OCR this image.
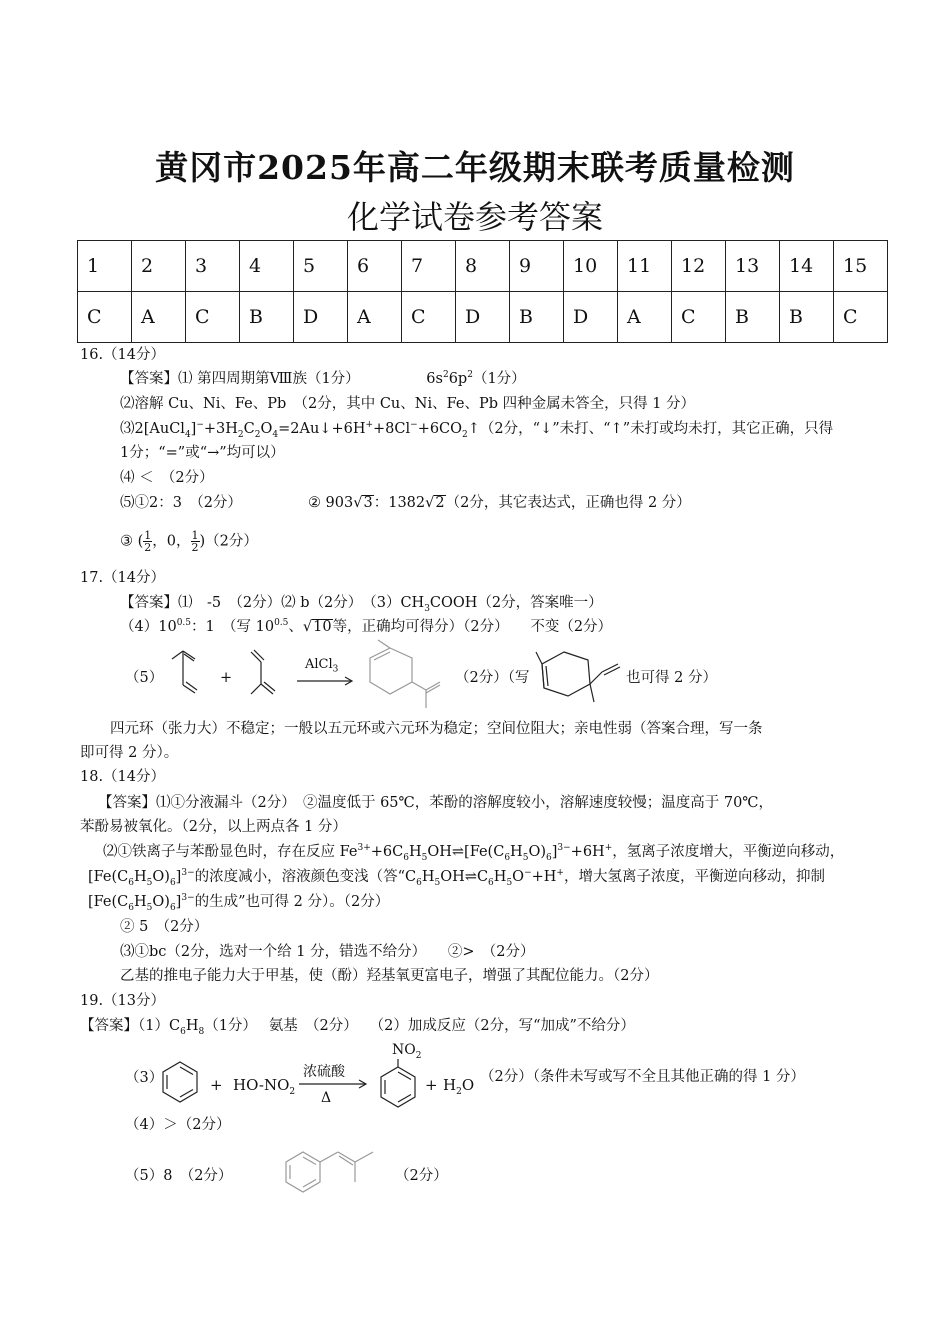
黄冈市2025年高二年级期末联考质量检测
化学试卷参考答案
1	2	3	4	5	6	7	8	9	10	11	12	13	14	15
C	A	C	B	D	A	C	D	B	D	A	C	B	B	C
16.（14分）
【答案】⑴ 第四周期第Ⅷ族（1分）	$6s^26p^2(1$分）
⑵溶解 Cu、Ni、Fe、Pb　（2分，其中 Cu、Ni、Fe、Pb 四种金属未答全，只得 1 分）
$⑶2[AuCl_4]^-+3H_2C_2O_4=2Au↓+6H^++8Cl^-+6CO_2↑(2$分，“↓”未打、“↑”未打或均未打，其它正确，只得
1分；“=”或“→”均可以）
⑷ ＜　（2分）
⑸①2：3　（2分）	② 903√3：1382√2（2分，其它表达式，正确也得 2 分）
③ ( $\frac{1}{2}$ ，0， $\frac{1}{2} )(2$分）
17.（14分）
【答案】⑴　-5　（2分）⑵ b（2分）　$(3)CH_3COOH(2$分，答案唯一）
$(4)10^{0.5}$：1　（写 $10^{0.5}$、√10等，正确均可得分）（2分）　　不变（2分）
（5）	+
AlCl$_3$
（2分）（写	也可得 2 分）
四元环（张力大）不稳定；一般以五元环或六元环为稳定；空间位阻大；亲电性弱（答案合理，写一条
即可得 2 分）。
18.（14分）
【答案】⑴①分液漏斗（2分）　②温度低于 65℃，苯酚的溶解度较小，溶解速度较慢；温度高于 70℃，
苯酚易被氧化。（2分，以上两点各 1 分）
⑵①铁离子与苯酚显色时，存在反应 $Fe^{3+}+6C_6H_5OH\rightleftharpoons[Fe(C_6H_5O)_6]^{3-}+6H^+$，氢离子浓度增大，平衡逆向移动，
$[Fe(C_6H_5O)_6]^{3-}$的浓度减小，溶液颜色变浅（答“$C_6H_5OH\rightleftharpoons C_6H_5O^-+H^+$，增大氢离子浓度，平衡逆向移动，抑制
$[Fe(C_6H_5O)_6]^{3-}$的生成”也可得 2 分）。（2分）
② 5　（2分）
⑶①bc（2分，选对一个给 1 分，错选不给分）　　②>　（2分）
乙基的推电子能力大于甲基，使（酚）羟基氧更富电子，增强了其配位能力。（2分）
19.（13分）
【答案】$(1)C_6H_8(1$分）　 氨基　（2分）　 （2）加成反应（2分，写“加成”不给分）
（3）	+ $HO-NO_2$
浓硫酸
Δ
$NO_2$
+ $H_2O$ （2分）（条件未写或写不全且其他正确的得 1 分）
（4）＞（2分）
（5）8　（2分）	（2分）
